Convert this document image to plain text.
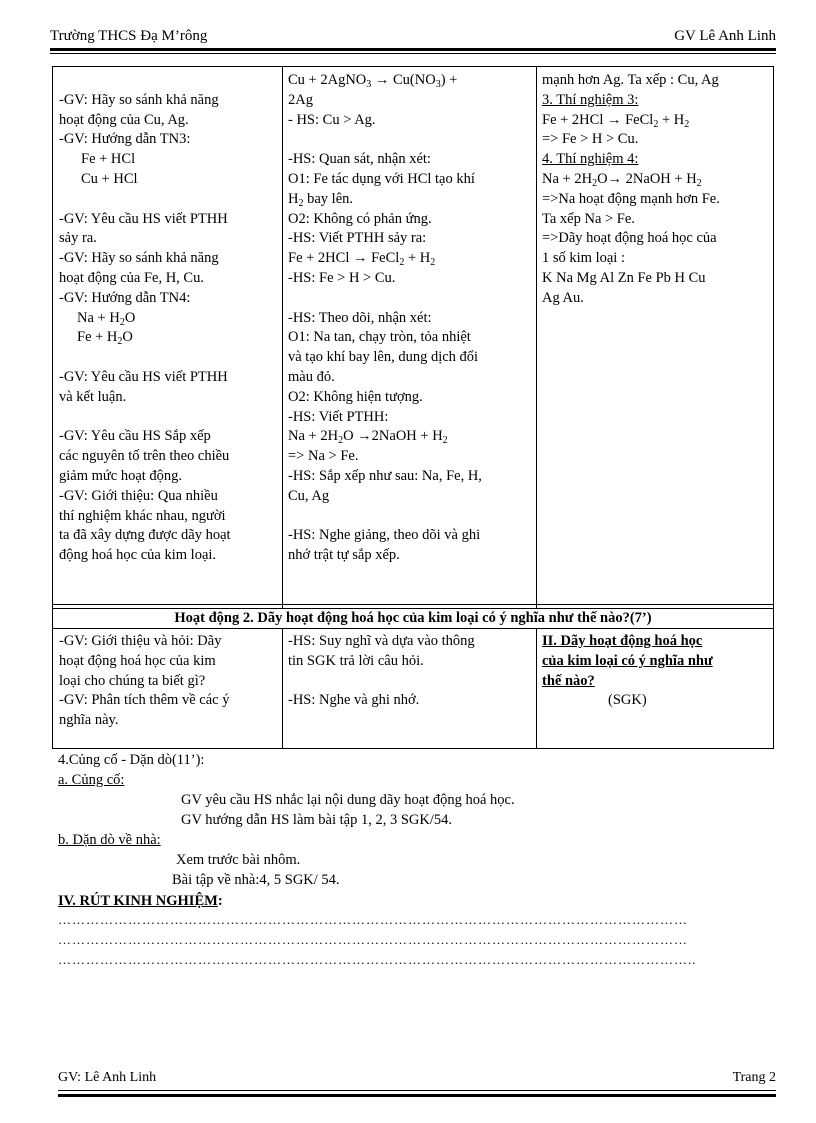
Trường THCS Đạ M’rông	GV Lê Anh Linh
Hoạt động 2. Dãy hoạt động hoá học của kim loại có ý nghĩa như thế nào?(7’)
-GV: Hãy so sánh khả năng
hoạt động của Cu, Ag.
-GV: Hướng dẫn TN3:
Fe + HCl
Cu + HCl
-GV: Yêu cầu HS viết PTHH
sảy ra.
-GV: Hãy so sánh khả năng
hoạt động của Fe, H, Cu.
-GV: Hướng dẫn TN4:
$Na + H_2O$
$Fe + H_2O$
-GV: Yêu cầu HS viết PTHH
và kết luận.
-GV: Yêu cầu HS Sắp xếp
các nguyên tố trên theo chiều
giảm mức hoạt động.
-GV: Giới thiệu: Qua nhiều
thí nghiệm khác nhau, người
ta đã xây dựng được dãy hoạt
động hoá học của kim loại.
Cu + 2AgNO$_3$ → $Cu(NO_3)$ +
2Ag
- HS: Cu > Ag.
-HS: Quan sát, nhận xét:
O1: Fe tác dụng với HCl tạo khí
$H_2$ bay lên.
O2: Không có phản ứng.
-HS: Viết PTHH sảy ra:
Fe + 2HCl → FeCl$_2$ + $H_2$
-HS: Fe > H > Cu.
-HS: Theo dõi, nhận xét:
O1: Na tan, chạy tròn, tỏa nhiệt
và tạo khí bay lên, dung dịch đổi
màu đỏ.
O2: Không hiện tượng.
-HS: Viết PTHH:
$Na + 2H_2O$ →2NaOH + $H_2$
=> Na > Fe.
-HS: Sắp xếp như sau: Na, Fe, H,
Cu, Ag
-HS: Nghe giảng, theo dõi và ghi
nhớ trật tự sắp xếp.
mạnh hơn Ag. Ta xếp : Cu, Ag
3. Thí nghiệm 3:
Fe + 2HCl → FeCl$_2$ + $H_2$
=> Fe > H > Cu.
4. Thí nghiệm 4:
$Na + 2H_2O\to$ 2NaOH + $H_2$
=>Na hoạt động mạnh hơn Fe.
Ta xếp Na > Fe.
=>Dãy hoạt động hoá học của
1 số kim loại :
K Na Mg Al Zn Fe Pb H Cu
Ag Au.
-GV: Giới thiệu và hỏi: Dãy
hoạt động hoá học của kim
loại cho chúng ta biết gì?
-GV: Phân tích thêm về các ý
nghĩa này.
-HS: Suy nghĩ và dựa vào thông
tin SGK trả lời câu hỏi.
-HS: Nghe và ghi nhớ.
II. Dãy hoạt động hoá học
của kim loại có ý nghĩa như
thế nào?
(SGK)
4.Củng cố - Dặn dò(11’):
a. Củng cố:
GV yêu cầu HS nhắc lại nội dung dãy hoạt động hoá học.
GV hướng dẫn HS làm bài tập 1, 2, 3 SGK/54.
b. Dặn dò về nhà:
Xem trước bài nhôm.
Bài tập về nhà:4, 5 SGK/ 54.
IV. RÚT KINH NGHIỆM:
………………………………………………………………………………………………………………………
………………………………………………………………………………………………………………………
………………………………………………………………………………………………………………………..
GV: Lê Anh Linh	Trang 2
